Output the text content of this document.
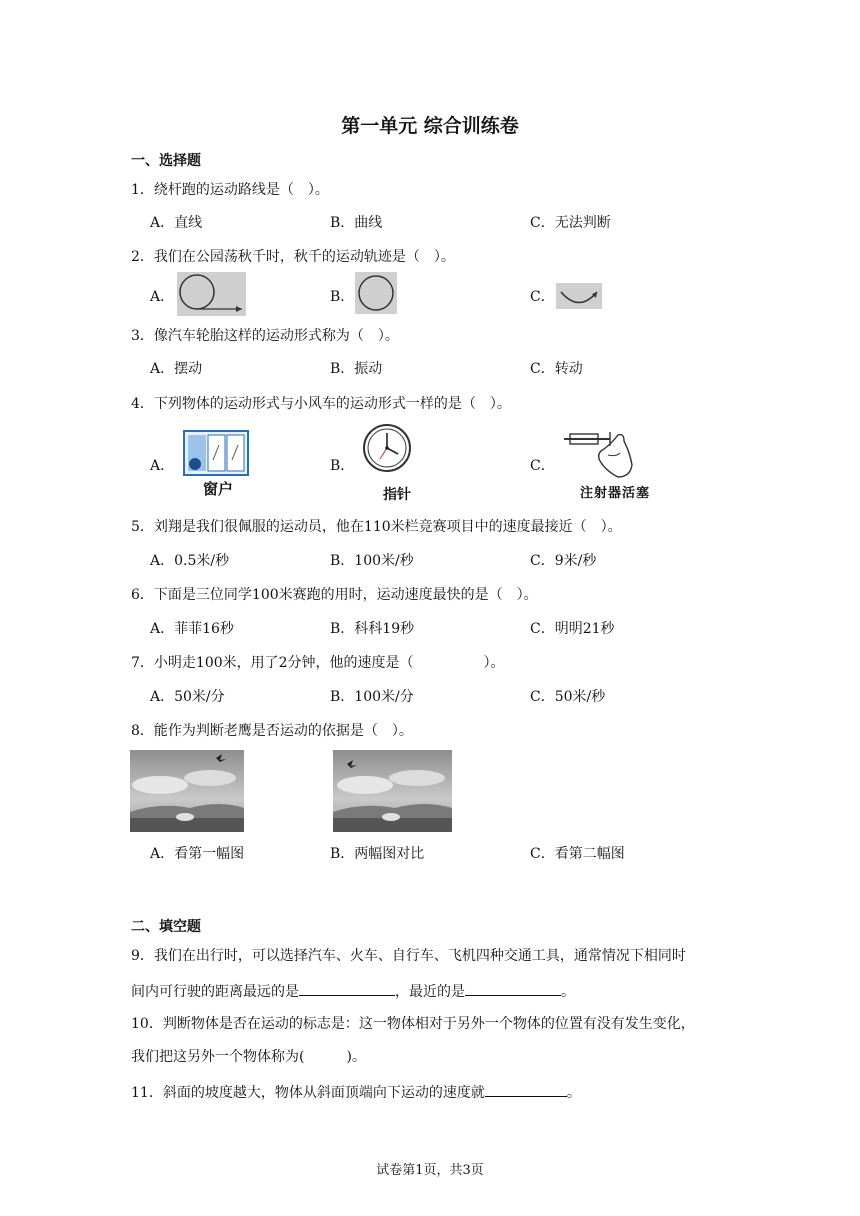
第一单元 综合训练卷
一、选择题
1．绕杆跑的运动路线是（　）。
A．直线	B．曲线	C．无法判断
2．我们在公园荡秋千时，秋千的运动轨迹是（　）。
A．	B．	C．
3．像汽车轮胎这样的运动形式称为（　）。
A．摆动	B．振动	C．转动
4．下列物体的运动形式与小风车的运动形式一样的是（　）。
A．
窗户
B．
指针
C．
注射器活塞
5．刘翔是我们很佩服的运动员，他在110米栏竞赛项目中的速度最接近（　）。
A．0.5米/秒	B．100米/秒	C．9米/秒
6．下面是三位同学100米赛跑的用时，运动速度最快的是（　）。
A．菲菲16秒	B．科科19秒	C．明明21秒
7．小明走100米，用了2分钟，他的速度是（　　　　　）。
A．50米/分	B．100米/分	C．50米/秒
8．能作为判断老鹰是否运动的依据是（　）。
A．看第一幅图	B．两幅图对比	C．看第二幅图
二、填空题
9．我们在出行时，可以选择汽车、火车、自行车、飞机四种交通工具，通常情况下相同时
间内可行驶的距离最远的是	，最近的是	。
10．判断物体是否在运动的标志是：这一物体相对于另外一个物体的位置有没有发生变化，
我们把这另外一个物体称为(　　　)。
11．斜面的坡度越大，物体从斜面顶端向下运动的速度就	。
试卷第1页，共3页
